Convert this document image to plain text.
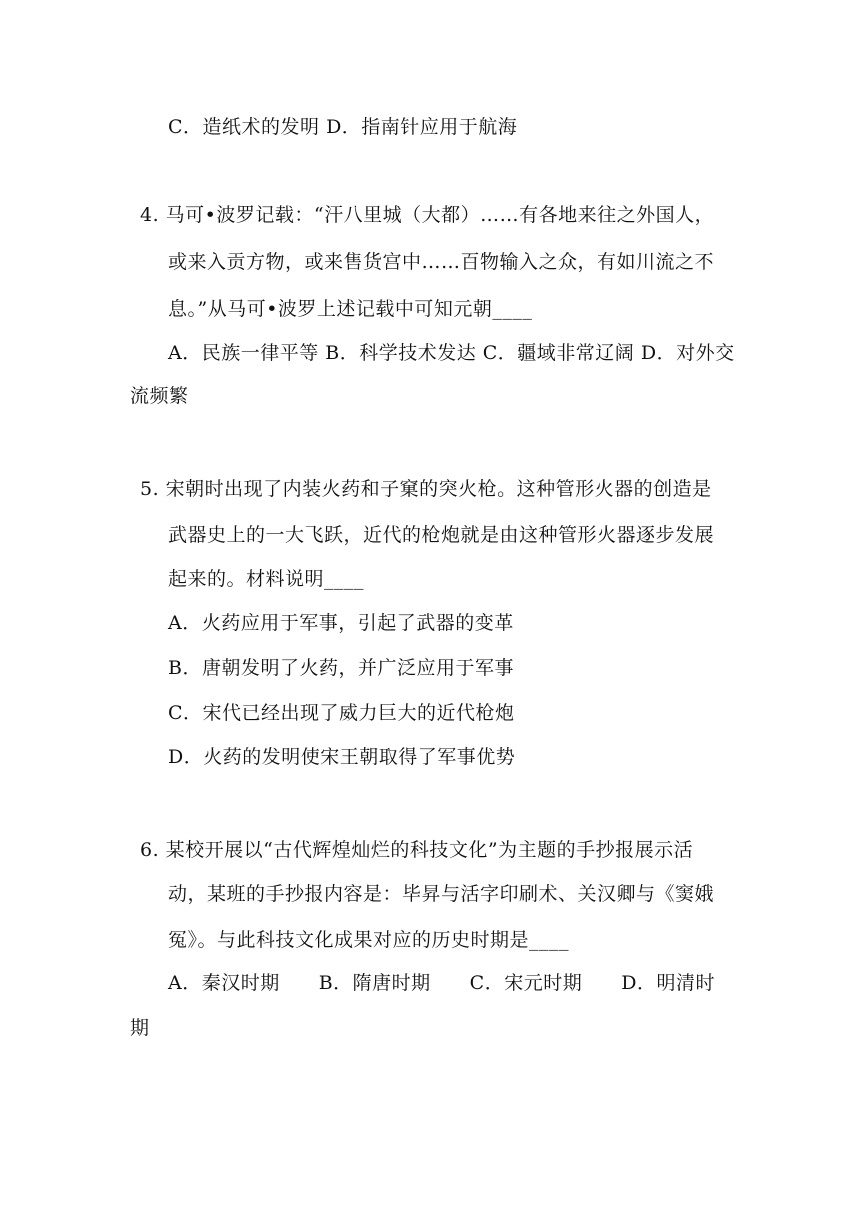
C．造纸术的发明 D．指南针应用于航海
4. 马可•波罗记载：“汗八里城（大都）……有各地来往之外国人，
或来入贡方物，或来售货宫中……百物输入之众，有如川流之不
息。”从马可•波罗上述记载中可知元朝____
A．民族一律平等 B．科学技术发达 C．疆域非常辽阔 D．对外交
流频繁
5. 宋朝时出现了内装火药和子窠的突火枪。这种管形火器的创造是
武器史上的一大飞跃，近代的枪炮就是由这种管形火器逐步发展
起来的。材料说明____
A．火药应用于军事，引起了武器的变革
B．唐朝发明了火药，并广泛应用于军事
C．宋代已经出现了威力巨大的近代枪炮
D．火药的发明使宋王朝取得了军事优势
6. 某校开展以“古代辉煌灿烂的科技文化”为主题的手抄报展示活
动，某班的手抄报内容是：毕昇与活字印刷术、关汉卿与《窦娥
冤》。与此科技文化成果对应的历史时期是____
A．秦汉时期　　B．隋唐时期　　C．宋元时期　　D．明清时
期
